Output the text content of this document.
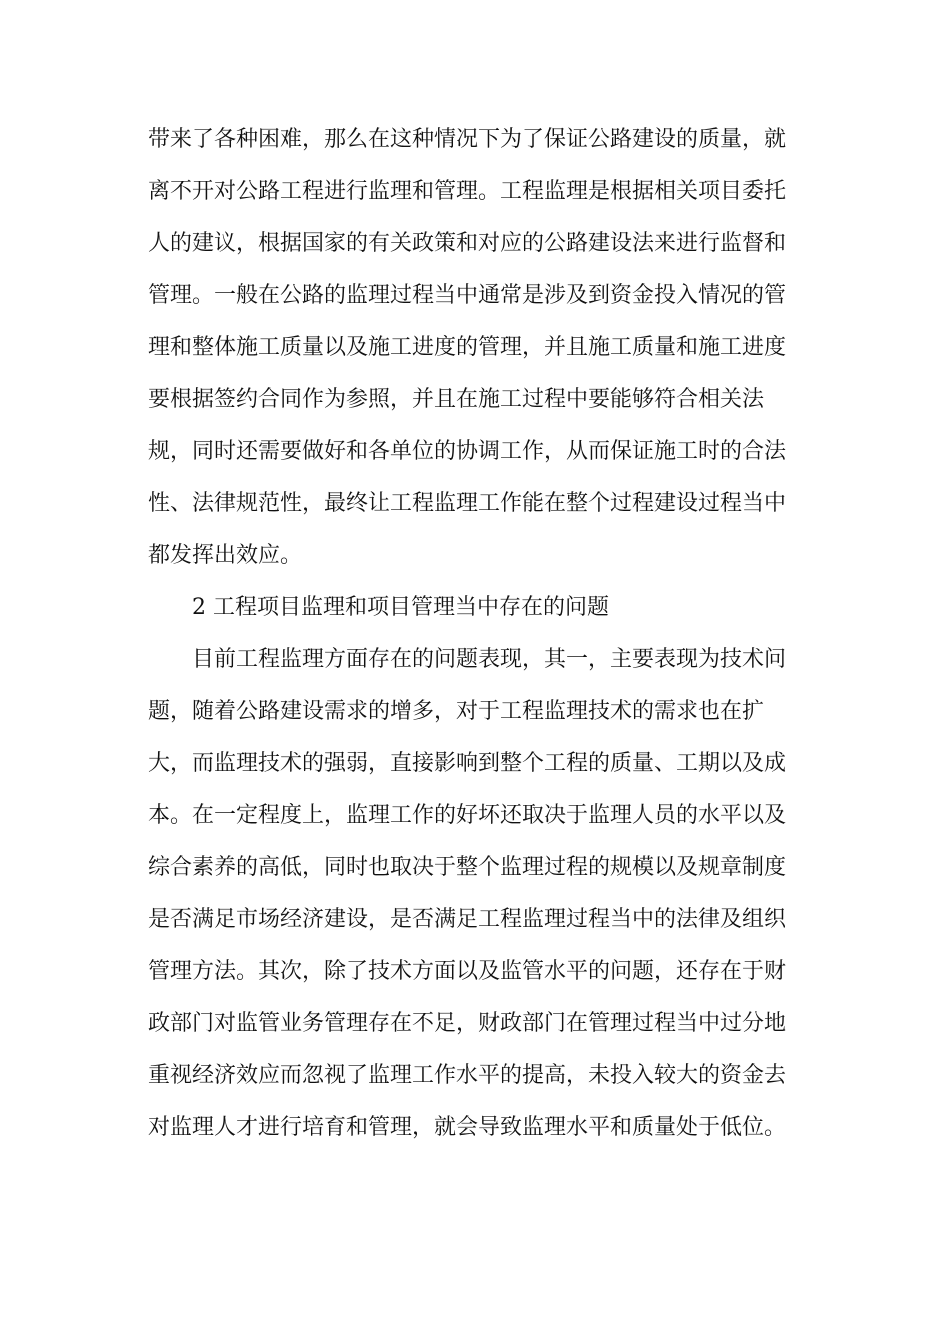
带来了各种困难，那么在这种情况下为了保证公路建设的质量，就
离不开对公路工程进行监理和管理。工程监理是根据相关项目委托
人的建议，根据国家的有关政策和对应的公路建设法来进行监督和
管理。一般在公路的监理过程当中通常是涉及到资金投入情况的管
理和整体施工质量以及施工进度的管理，并且施工质量和施工进度
要根据签约合同作为参照，并且在施工过程中要能够符合相关法
规，同时还需要做好和各单位的协调工作，从而保证施工时的合法
性、法律规范性，最终让工程监理工作能在整个过程建设过程当中
都发挥出效应。
2 工程项目监理和项目管理当中存在的问题
目前工程监理方面存在的问题表现，其一，主要表现为技术问
题，随着公路建设需求的增多，对于工程监理技术的需求也在扩
大，而监理技术的强弱，直接影响到整个工程的质量、工期以及成
本。在一定程度上，监理工作的好坏还取决于监理人员的水平以及
综合素养的高低，同时也取决于整个监理过程的规模以及规章制度
是否满足市场经济建设，是否满足工程监理过程当中的法律及组织
管理方法。其次，除了技术方面以及监管水平的问题，还存在于财
政部门对监管业务管理存在不足，财政部门在管理过程当中过分地
重视经济效应而忽视了监理工作水平的提高，未投入较大的资金去
对监理人才进行培育和管理，就会导致监理水平和质量处于低位。
